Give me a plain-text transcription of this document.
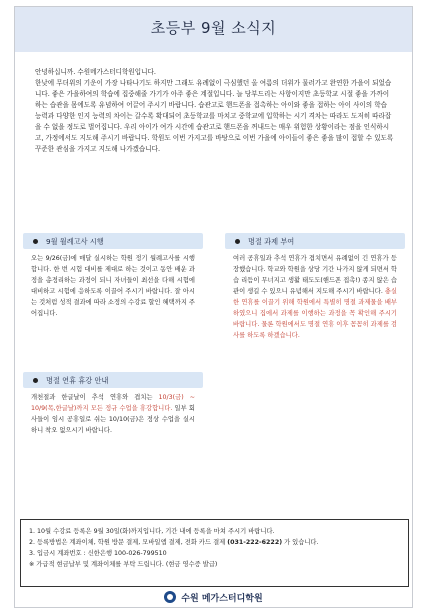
초등부 9월 소식지

안녕하십니까. 수원메가스터디학원입니다.

한낮에 무더위의 기운이 가장 나타나기도 하지만 그래도 유례없이 극심했던 올 여름의 더위가 물러가고 완연한 가을이 되었습니다. 좋은 가을하여의 학습에 집중해줄 가기가 아주 좋은 계절입니다. 늘 당부드리는 사항이지만 초등학교 시절 좋을 가까이하는 습관을 몸에도록 유념하여 어끌어 주시기 바랍니다. 습관고로 핸드폰을 접촉하는 아이와 좋을 접하는 아이 사이의 학습 능력과 다양한 인지 능력의 차이는 갈수록 확대되어 초등학교를 마치고 중학교에 입학하는 시기 격차는 따라도 도저히 따라잡을 수 없을 정도로 벌어집니다. 우리 아이가 여가 시간에 습관고로 핸드폰을 꺼내드는 매우 위험한 상황이라는 점을 인식하시고, 가정에서도 지도해 주시기 바랍니다. 학원도 이번 가지고를 바탕으로 이번 가을에 아이들이 좋은 좋을 많이 접할 수 있도록 꾸준한 관심을 가지고 지도해 나가겠습니다.

9월 월례고사 시행
오는 9/26(금)에 매달 실시하는 학원 정기 월례고사를 시행합니다. 한 번 시험 대비를 제대로 하는 것이고 동안 배운 과정을 총정리하는 과정이 되니 자녀들이 최선을 다해 시험에 대비하고 시험에 응하도록 이끌어 주시기 바랍니다. 잘 아시는 것처럼 성적 결과에 따라 소정의 수강료 할인 혜택까지 주어집니다.
명절 연휴 휴강 안내
개천절과 한글날이 추석 연휴와 겹치는 10/3(금) ~ 10/9(목,한글날)까지 모든 정규 수업을 휴강합니다. 일부 회사들이 임시 공휴일로 쉬는 10/10(금)은 정상 수업을 실시하니 착오 없으시기 바랍니다.
명절 과제 부여
여러 공휴일과 추석 연휴가 겹치면서 유례없이 긴 연휴가 등장했습니다. 학교와 학원을 상당 기간 나가지 않게 되면서 학습 리듬이 무너지고 생활 태도도(핸드폰 접촉!) 종지 않은 습관이 생길 수 있으니 유념해서 지도해 주시기 바랍니다. 충실한 연휴를 이끌기 위해 학원에서 특별히 명절 과제물을 배부하였으니 집에서 과제를 이행하는 과정을 꼭 확인해 주시기 바랍니다. 물론 학원에서도 명절 연휴 이후 꼼꼼히 과제를 검사를 하도록 하겠습니다.
1. 10월 수강료 등록은 9월 30일(화)까지입니다, 기간 내에 등록을 마쳐 주시기 바랍니다.
2. 등록방법은 계좌이체, 학원 방문 결제, 모바일앱 결제, 전화 카드 결제 (031-222-6222) 가 있습니다.
3. 입금시 계좌번호 : 신한은행 100-026-799510
※ 가급적 현금납부 및 계좌이체를 부탁 드립니다. (현금 영수증 발급)
수원 메가스터디학원
